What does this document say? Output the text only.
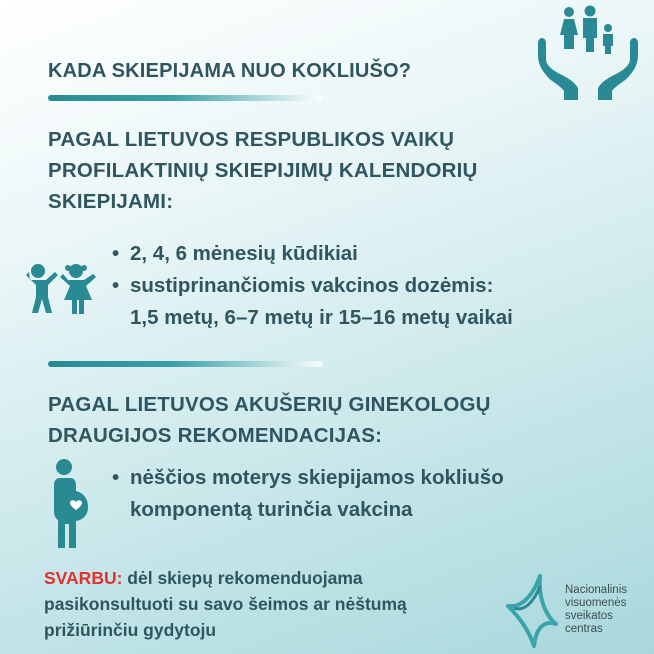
KADA SKIEPIJAMA NUO KOKLIUŠO?
PAGAL LIETUVOS RESPUBLIKOS VAIKŲ
PROFILAKTINIŲ SKIEPIJIMŲ KALENDORIŲ
SKIEPIJAMI:
• 2, 4, 6 mėnesių kūdikiai
• sustiprinančiomis vakcinos dozėmis:
1,5 metų, 6–7 metų ir 15–16 metų vaikai
PAGAL LIETUVOS AKUŠERIŲ GINEKOLOGŲ
DRAUGIJOS REKOMENDACIJAS:
• nėščios moterys skiepijamos kokliušo
komponentą turinčia vakcina
SVARBU: dėl skiepų rekomenduojama
pasikonsultuoti su savo šeimos ar nėštumą
prižiūrinčiu gydytoju
Nacionalinis
visuomenės
sveikatos
centras
